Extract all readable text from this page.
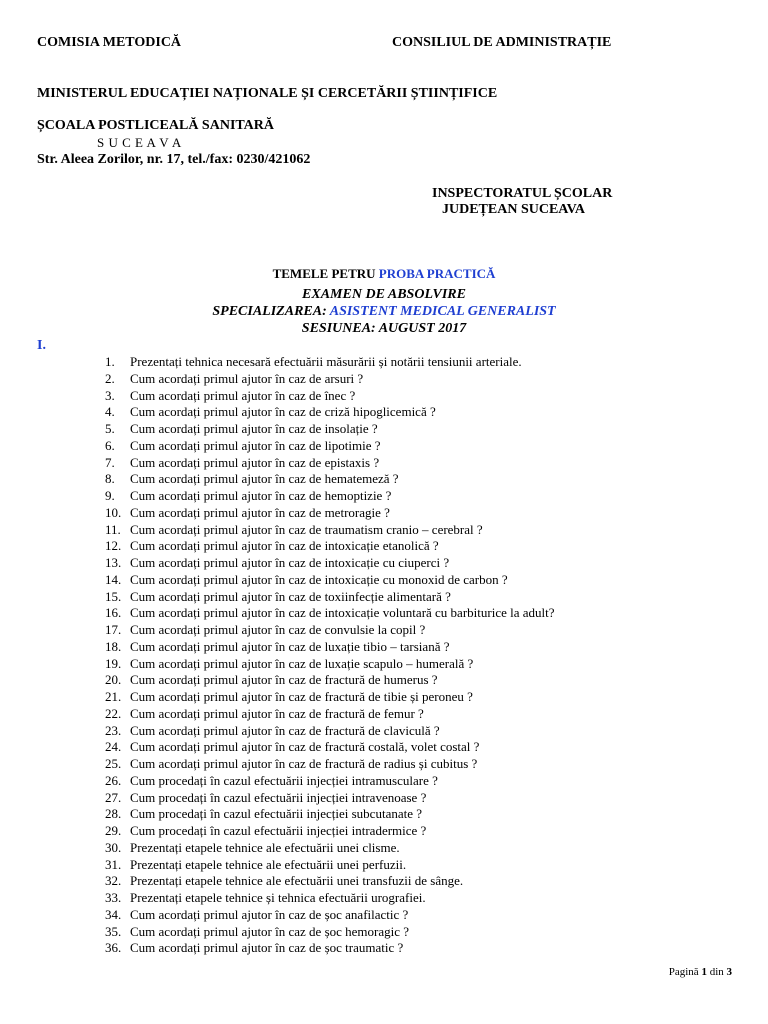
COMISIA METODICĂ	CONSILIUL DE ADMINISTRAȚIE
MINISTERUL EDUCAȚIEI NAȚIONALE ȘI CERCETĂRII ȘTIINȚIFICE
ȘCOALA POSTLICEALĂ SANITARĂ
S U C E A V A
Str. Aleea Zorilor, nr. 17, tel./fax: 0230/421062
INSPECTORATUL ȘCOLAR
JUDEȚEAN SUCEAVA
TEMELE PETRU PROBA PRACTICĂ
EXAMEN DE ABSOLVIRE
SPECIALIZAREA: ASISTENT MEDICAL GENERALIST
SESIUNEA: AUGUST 2017
I.
1. Prezentați tehnica necesară efectuării măsurării și notării tensiunii arteriale.
2. Cum acordați primul ajutor în caz de arsuri ?
3. Cum acordați primul ajutor în caz de înec ?
4. Cum acordați primul ajutor în caz de criză hipoglicemică ?
5. Cum acordați primul ajutor în caz de insolație ?
6. Cum acordați primul ajutor în caz de lipotimie ?
7. Cum acordați primul ajutor în caz de epistaxis ?
8. Cum acordați primul ajutor în caz de hematemeză ?
9. Cum acordați primul ajutor în caz de hemoptizie ?
10. Cum acordați primul ajutor în caz de metroragie ?
11. Cum acordați primul ajutor în caz de traumatism cranio – cerebral ?
12. Cum acordați primul ajutor în caz de intoxicație etanolică ?
13. Cum acordați primul ajutor în caz de intoxicație cu ciuperci ?
14. Cum acordați primul ajutor în caz de intoxicație cu monoxid de carbon ?
15. Cum acordați primul ajutor în caz de toxiinfecție alimentară ?
16. Cum acordați primul ajutor în caz de intoxicație voluntară cu barbiturice la adult?
17. Cum acordați primul ajutor în caz de convulsie la copil ?
18. Cum acordați primul ajutor în caz de luxație tibio – tarsiană ?
19. Cum acordați primul ajutor în caz de luxație scapulo – humerală ?
20. Cum acordați primul ajutor în caz de fractură de humerus ?
21. Cum acordați primul ajutor în caz de fractură de tibie și peroneu ?
22. Cum acordați primul ajutor în caz de fractură de femur ?
23. Cum acordați primul ajutor în caz de fractură de claviculă ?
24. Cum acordați primul ajutor în caz de fractură costală, volet costal ?
25. Cum acordați primul ajutor în caz de fractură de radius și cubitus ?
26. Cum procedați în cazul efectuării injecției intramusculare ?
27. Cum procedați în cazul efectuării injecției intravenoase ?
28. Cum procedați în cazul efectuării injecției subcutanate ?
29. Cum procedați în cazul efectuării injecției intradermice ?
30. Prezentați etapele tehnice ale efectuării unei clisme.
31. Prezentați etapele tehnice ale efectuării unei perfuzii.
32. Prezentați etapele tehnice ale efectuării unei transfuzii de sânge.
33. Prezentați etapele tehnice și tehnica efectuării urografiei.
34. Cum acordați primul ajutor în caz de șoc anafilactic ?
35. Cum acordați primul ajutor în caz de șoc hemoragic ?
36. Cum acordați primul ajutor în caz de șoc traumatic ?
Pagină 1 din 3
